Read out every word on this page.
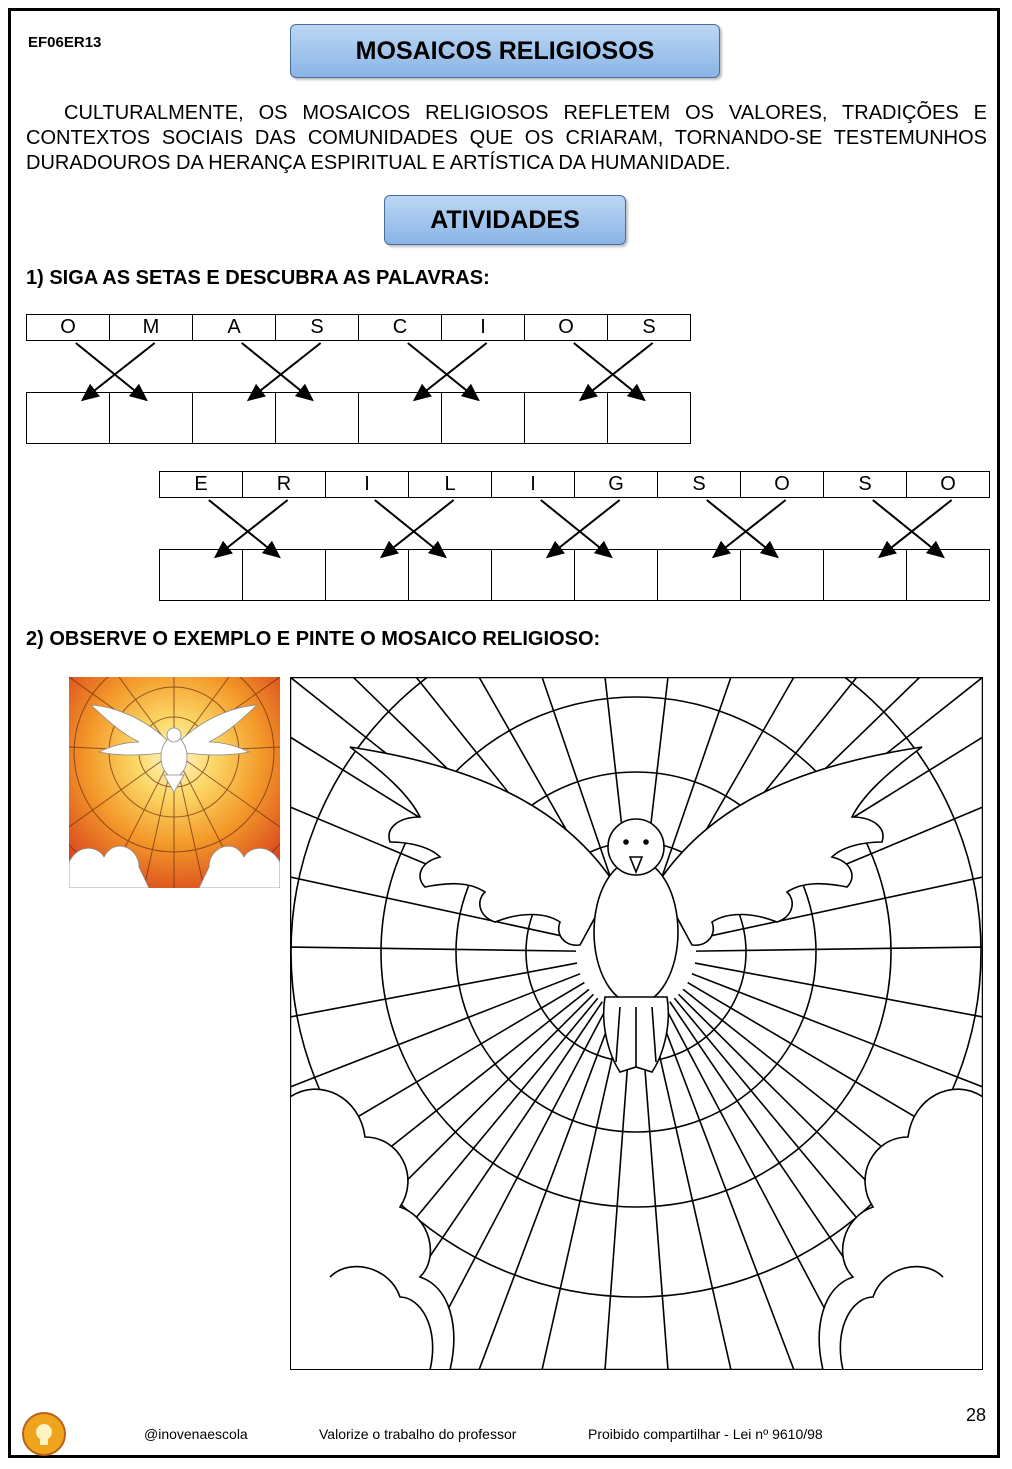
EF06ER13	MOSAICOS RELIGIOSOS

CULTURALMENTE, OS MOSAICOS RELIGIOSOS REFLETEM OS VALORES, TRADIÇÕES E CONTEXTOS SOCIAIS DAS COMUNIDADES QUE OS CRIARAM, TORNANDO-SE TESTEMUNHOS DURADOUROS DA HERANÇA ESPIRITUAL E ARTÍSTICA DA HUMANIDADE.

ATIVIDADES

1) SIGA AS SETAS E DESCUBRA AS PALAVRAS:

O	M	A	S	C	I	O	S
E	R	I	L	I	G	S	O	S	O

2) OBSERVE O EXEMPLO E PINTE O MOSAICO RELIGIOSO:

28
@inovenaescola	Valorize o trabalho do professor	Proibido compartilhar - Lei nº 9610/98
